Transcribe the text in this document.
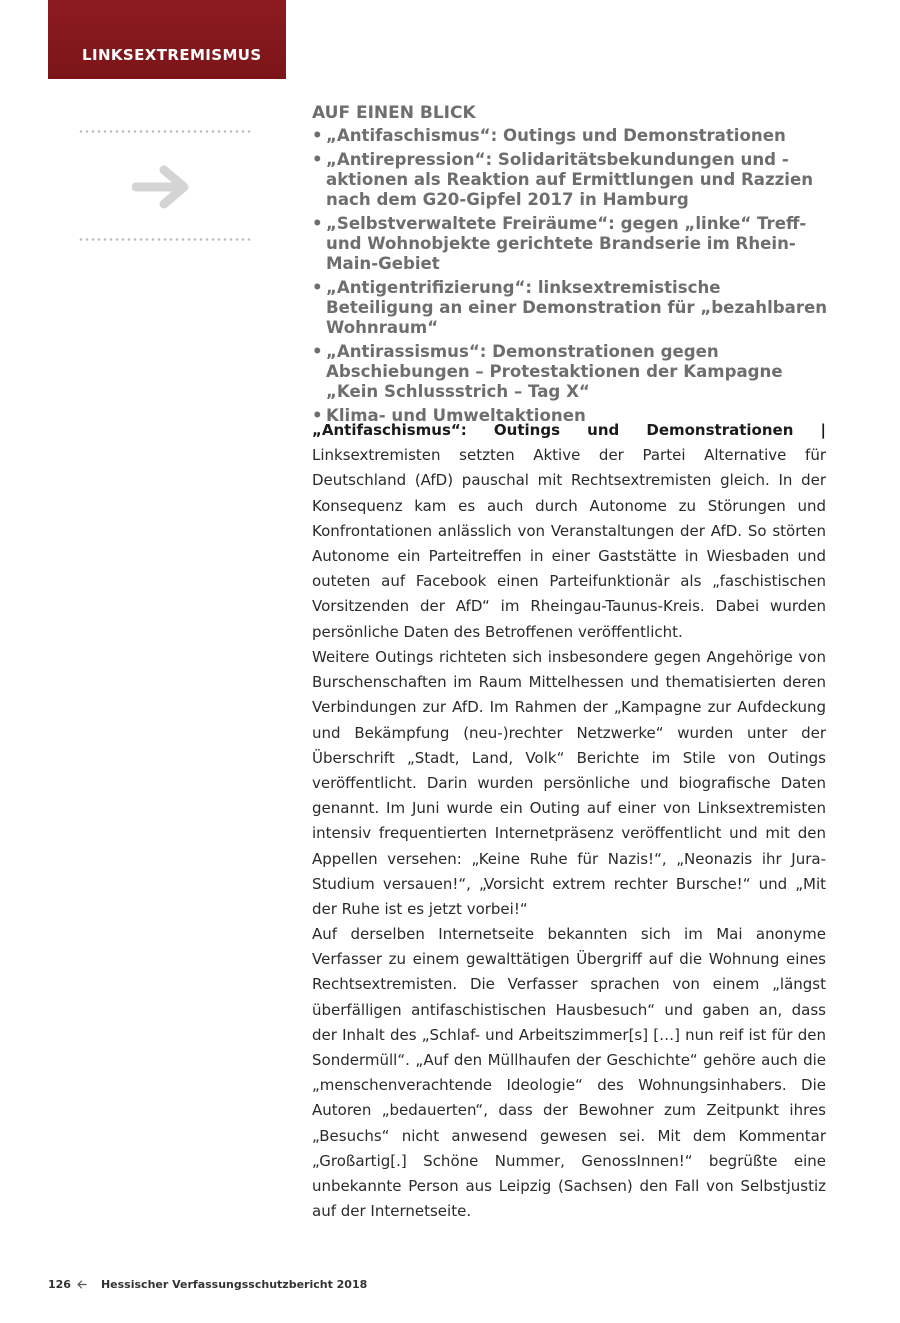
LINKSEXTREMISMUS
AUF EINEN BLICK
• „Antifaschismus“: Outings und Demonstrationen
• „Antirepression“: Solidaritätsbekundungen und -aktionen als Reaktion auf Ermittlungen und Razzien nach dem G20-Gipfel 2017 in Hamburg
• „Selbstverwaltete Freiräume“: gegen „linke“ Treff- und Wohnobjekte gerichtete Brandserie im Rhein-Main-Gebiet
• „Antigentrifizierung“: linksextremistische Beteiligung an einer Demonstration für „bezahlbaren Wohnraum“
• „Antirassismus“: Demonstrationen gegen Abschiebungen – Protestaktionen der Kampagne „Kein Schlussstrich – Tag X“
• Klima- und Umweltaktionen

„Antifaschismus“: Outings und Demonstrationen | Linksextremisten setzten Aktive der Partei Alternative für Deutschland (AfD) pauschal mit Rechtsextremisten gleich. In der Konsequenz kam es auch durch Autonome zu Störungen und Konfrontationen anlässlich von Veranstaltungen der AfD. So störten Autonome ein Parteitreffen in einer Gaststätte in Wiesbaden und outeten auf Facebook einen Parteifunktionär als „faschistischen Vorsitzenden der AfD“ im Rheingau-Taunus-Kreis. Dabei wurden persönliche Daten des Betroffenen veröffentlicht.

Weitere Outings richteten sich insbesondere gegen Angehörige von Burschenschaften im Raum Mittelhessen und thematisierten deren Verbindungen zur AfD. Im Rahmen der „Kampagne zur Aufdeckung und Bekämpfung (neu-)rechter Netzwerke“ wurden unter der Überschrift „Stadt, Land, Volk“ Berichte im Stile von Outings veröffentlicht. Darin wurden persönliche und biografische Daten genannt. Im Juni wurde ein Outing auf einer von Linksextremisten intensiv frequentierten Internetpräsenz veröffentlicht und mit den Appellen versehen: „Keine Ruhe für Nazis!“, „Neonazis ihr Jura-Studium versauen!“, „Vorsicht extrem rechter Bursche!“ und „Mit der Ruhe ist es jetzt vorbei!“

Auf derselben Internetseite bekannten sich im Mai anonyme Verfasser zu einem gewalttätigen Übergriff auf die Wohnung eines Rechtsextremisten. Die Verfasser sprachen von einem „längst überfälligen antifaschistischen Hausbesuch“ und gaben an, dass der Inhalt des „Schlaf- und Arbeitszimmer[s] […] nun reif ist für den Sondermüll“. „Auf den Müllhaufen der Geschichte“ gehöre auch die „menschenverachtende Ideologie“ des Wohnungsinhabers. Die Autoren „bedauerten“, dass der Bewohner zum Zeitpunkt ihres „Besuchs“ nicht anwesend gewesen sei. Mit dem Kommentar „Großartig[.] Schöne Nummer, GenossInnen!“ begrüßte eine unbekannte Person aus Leipzig (Sachsen) den Fall von Selbstjustiz auf der Internetseite.

126	Hessischer Verfassungsschutzbericht 2018
